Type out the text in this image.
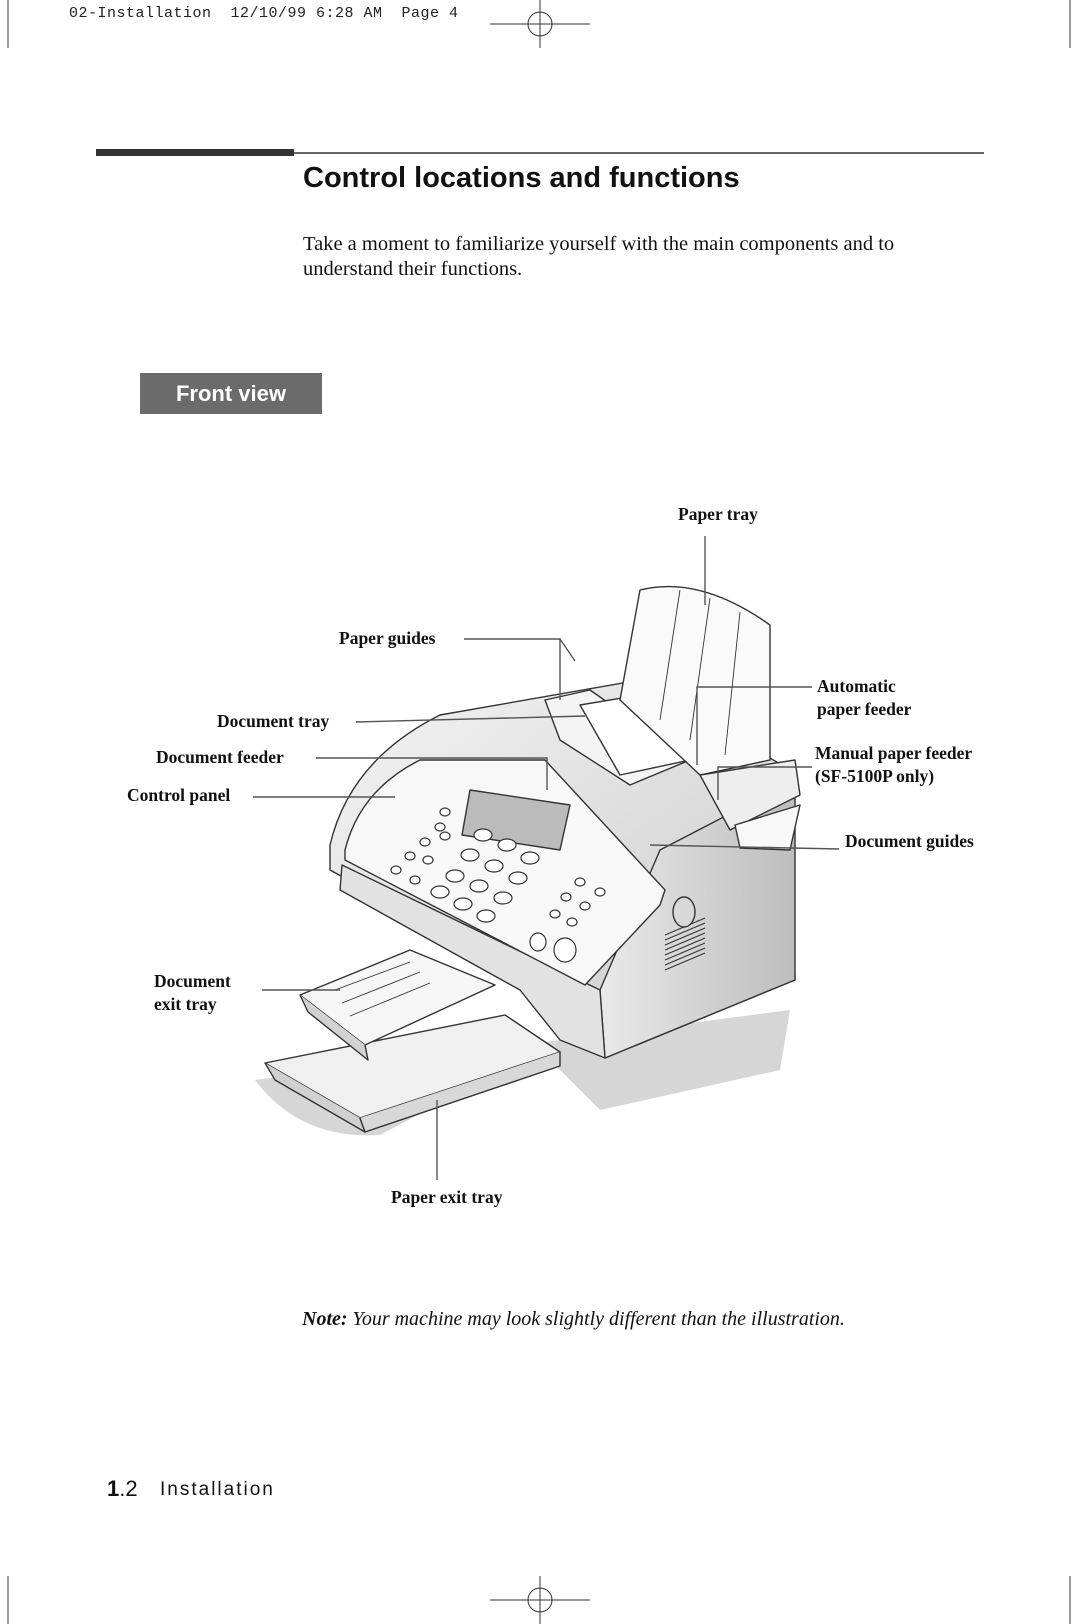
02-Installation  12/10/99 6:28 AM  Page 4
Control locations and functions

Take a moment to familiarize yourself with the main components and to understand their functions.

Front view
Paper tray
Paper guides
Automatic
paper feeder
Document tray
Document feeder	Manual paper feeder
(SF-5100P only)
Control panel
Document guides
Document
exit tray
Paper exit tray
Note: Your machine may look slightly different than the illustration.
1.2 Installation
